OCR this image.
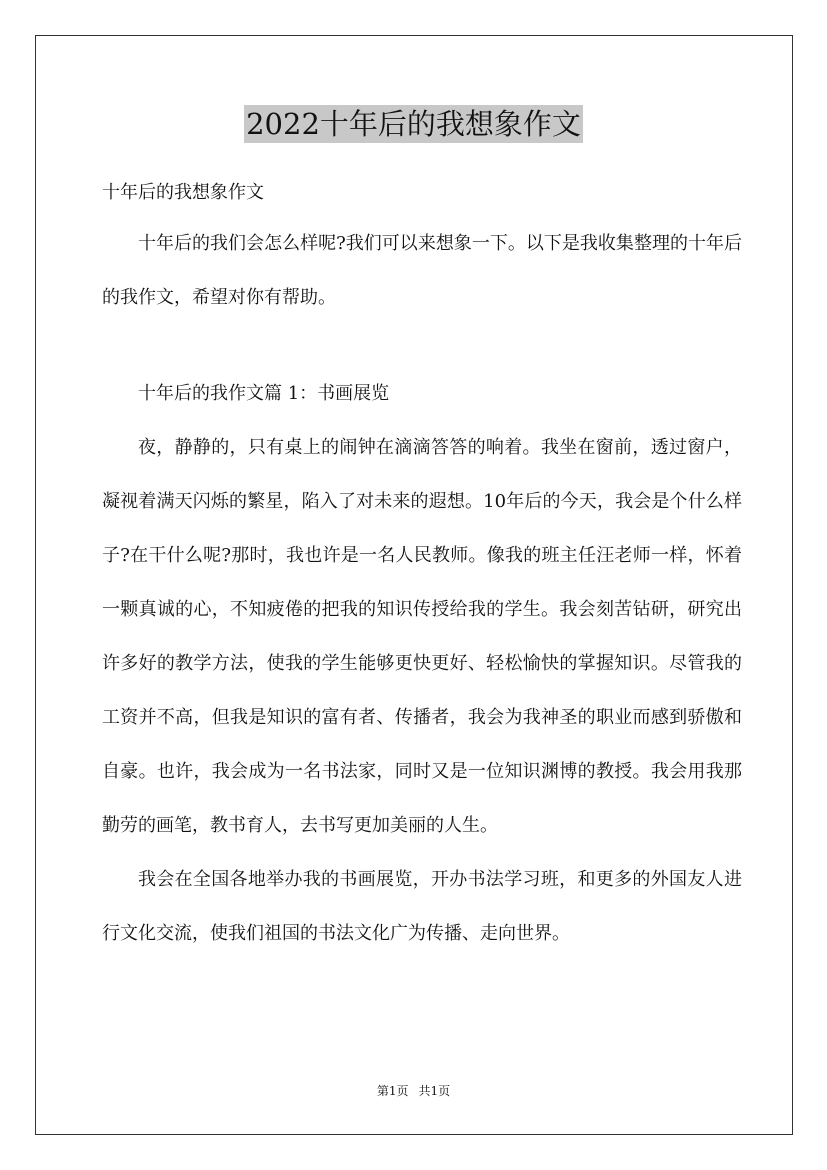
2022十年后的我想象作文

十年后的我想象作文

十年后的我们会怎么样呢?我们可以来想象一下。以下是我收集整理的十年后的我作文，希望对你有帮助。

十年后的我作文篇 1：书画展览

夜，静静的，只有桌上的闹钟在滴滴答答的响着。我坐在窗前，透过窗户，凝视着满天闪烁的繁星，陷入了对未来的遐想。10年后的今天，我会是个什么样子?在干什么呢?那时，我也许是一名人民教师。像我的班主任汪老师一样，怀着一颗真诚的心，不知疲倦的把我的知识传授给我的学生。我会刻苦钻研，研究出许多好的教学方法，使我的学生能够更快更好、轻松愉快的掌握知识。尽管我的工资并不高，但我是知识的富有者、传播者，我会为我神圣的职业而感到骄傲和自豪。也许，我会成为一名书法家，同时又是一位知识渊博的教授。我会用我那勤劳的画笔，教书育人，去书写更加美丽的人生。

我会在全国各地举办我的书画展览，开办书法学习班，和更多的外国友人进行文化交流，使我们祖国的书法文化广为传播、走向世界。

第1页 共1页
